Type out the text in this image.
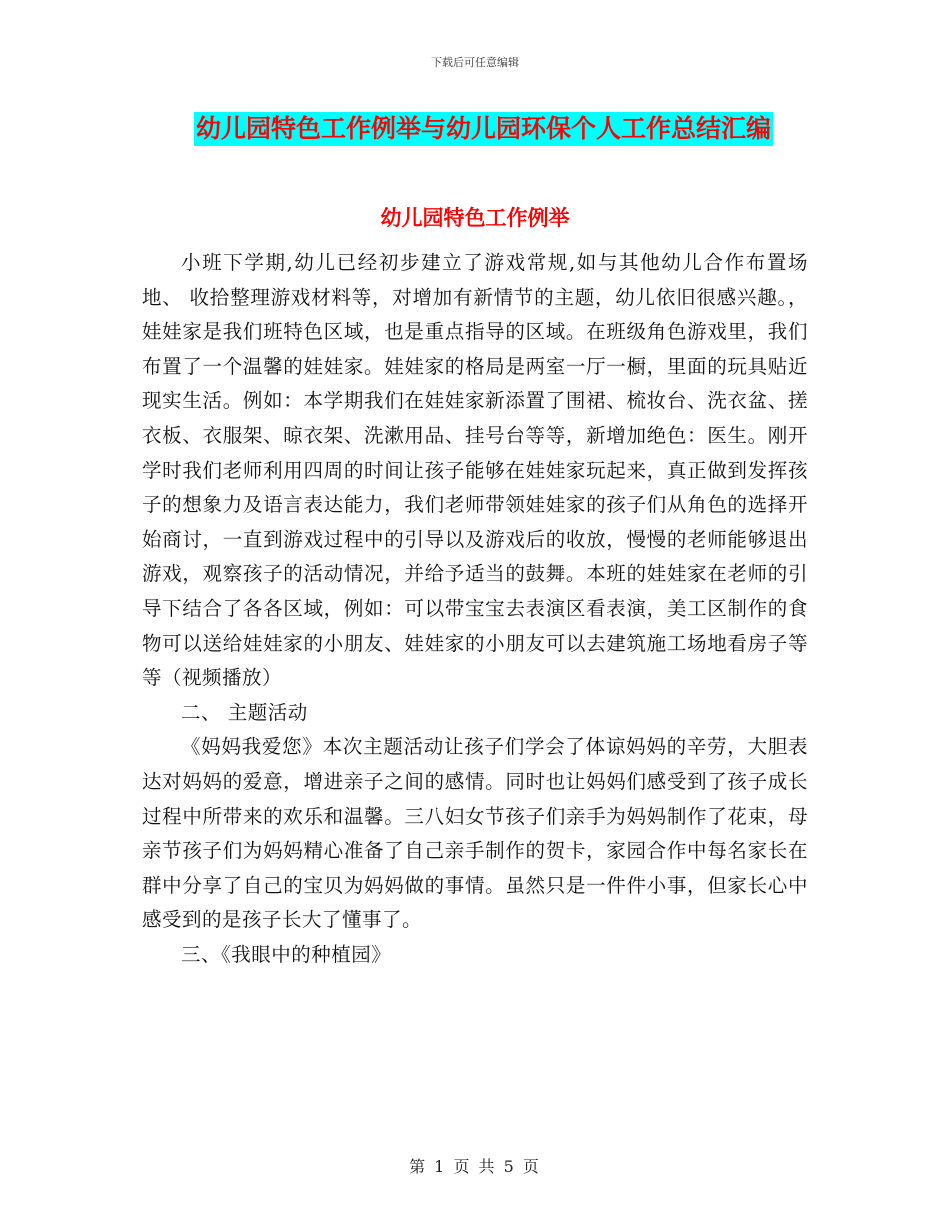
下载后可任意编辑
幼儿园特色工作例举与幼儿园环保个人工作总结汇编
幼儿园特色工作例举

小班下学期,幼儿已经初步建立了游戏常规,如与其他幼儿合作布置场地、 收拾整理游戏材料等，对增加有新情节的主题，幼儿依旧很感兴趣。，娃娃家是我们班特色区域，也是重点指导的区域。在班级角色游戏里，我们布置了一个温馨的娃娃家。娃娃家的格局是两室一厅一橱，里面的玩具贴近现实生活。例如：本学期我们在娃娃家新添置了围裙、梳妆台、洗衣盆、搓衣板、衣服架、晾衣架、洗漱用品、挂号台等等，新增加绝色：医生。刚开学时我们老师利用四周的时间让孩子能够在娃娃家玩起来，真正做到发挥孩子的想象力及语言表达能力，我们老师带领娃娃家的孩子们从角色的选择开始商讨，一直到游戏过程中的引导以及游戏后的收放，慢慢的老师能够退出游戏，观察孩子的活动情况，并给予适当的鼓舞。本班的娃娃家在老师的引导下结合了各各区域，例如：可以带宝宝去表演区看表演，美工区制作的食物可以送给娃娃家的小朋友、娃娃家的小朋友可以去建筑施工场地看房子等等（视频播放）

二、 主题活动

《妈妈我爱您》本次主题活动让孩子们学会了体谅妈妈的辛劳，大胆表达对妈妈的爱意，增进亲子之间的感情。同时也让妈妈们感受到了孩子成长过程中所带来的欢乐和温馨。三八妇女节孩子们亲手为妈妈制作了花束，母亲节孩子们为妈妈精心准备了自己亲手制作的贺卡，家园合作中每名家长在群中分享了自己的宝贝为妈妈做的事情。虽然只是一件件小事，但家长心中感受到的是孩子长大了懂事了。

三、《我眼中的种植园》

第 1 页 共 5 页
